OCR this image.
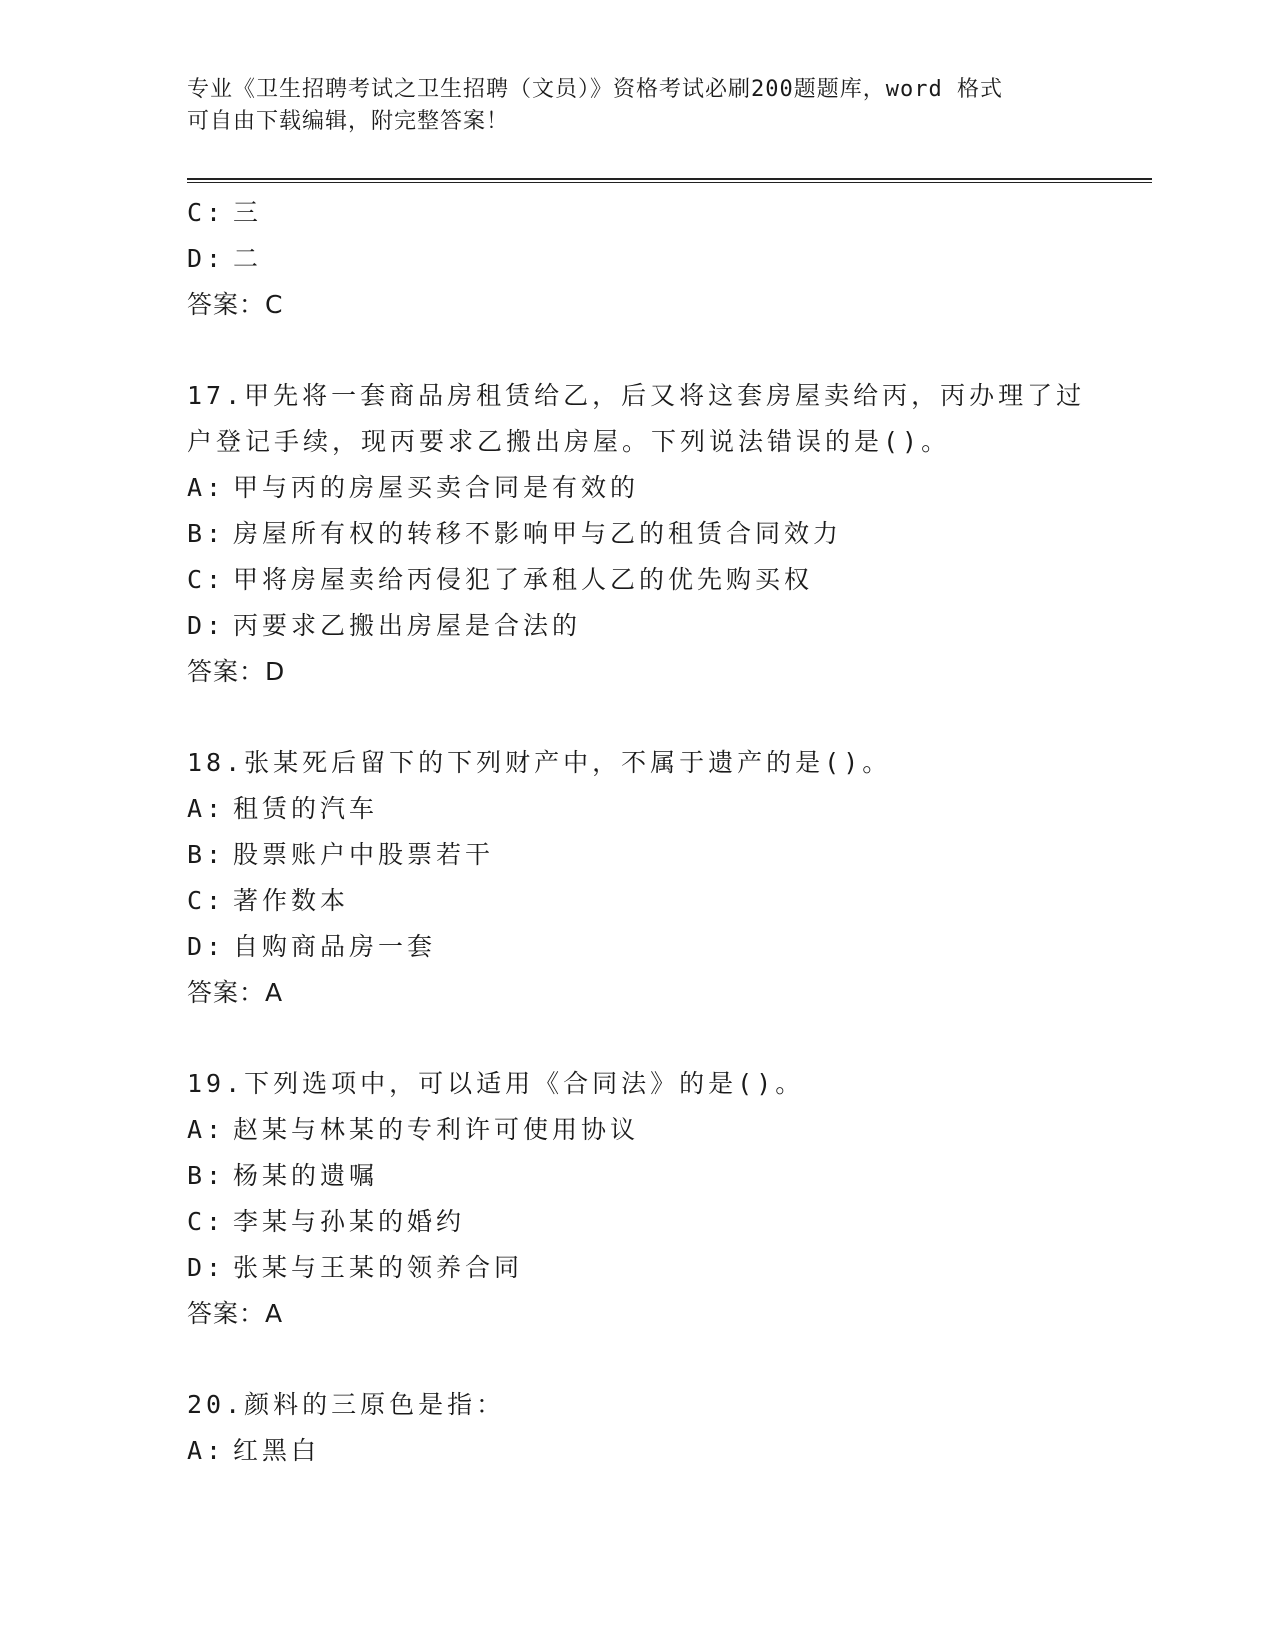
专业《卫生招聘考试之卫生招聘（文员）》资格考试必刷200题题库，word 格式
可自由下载编辑，附完整答案！
C: 三
D: 二
答案：C
17.甲先将一套商品房租赁给乙，后又将这套房屋卖给丙，丙办理了过
户登记手续，现丙要求乙搬出房屋。下列说法错误的是()。
A: 甲与丙的房屋买卖合同是有效的
B: 房屋所有权的转移不影响甲与乙的租赁合同效力
C: 甲将房屋卖给丙侵犯了承租人乙的优先购买权
D: 丙要求乙搬出房屋是合法的
答案：D
18.张某死后留下的下列财产中，不属于遗产的是()。
A: 租赁的汽车
B: 股票账户中股票若干
C: 著作数本
D: 自购商品房一套
答案：A
19.下列选项中，可以适用《合同法》的是()。
A: 赵某与林某的专利许可使用协议
B: 杨某的遗嘱
C: 李某与孙某的婚约
D: 张某与王某的领养合同
答案：A
20.颜料的三原色是指：
A: 红黑白
